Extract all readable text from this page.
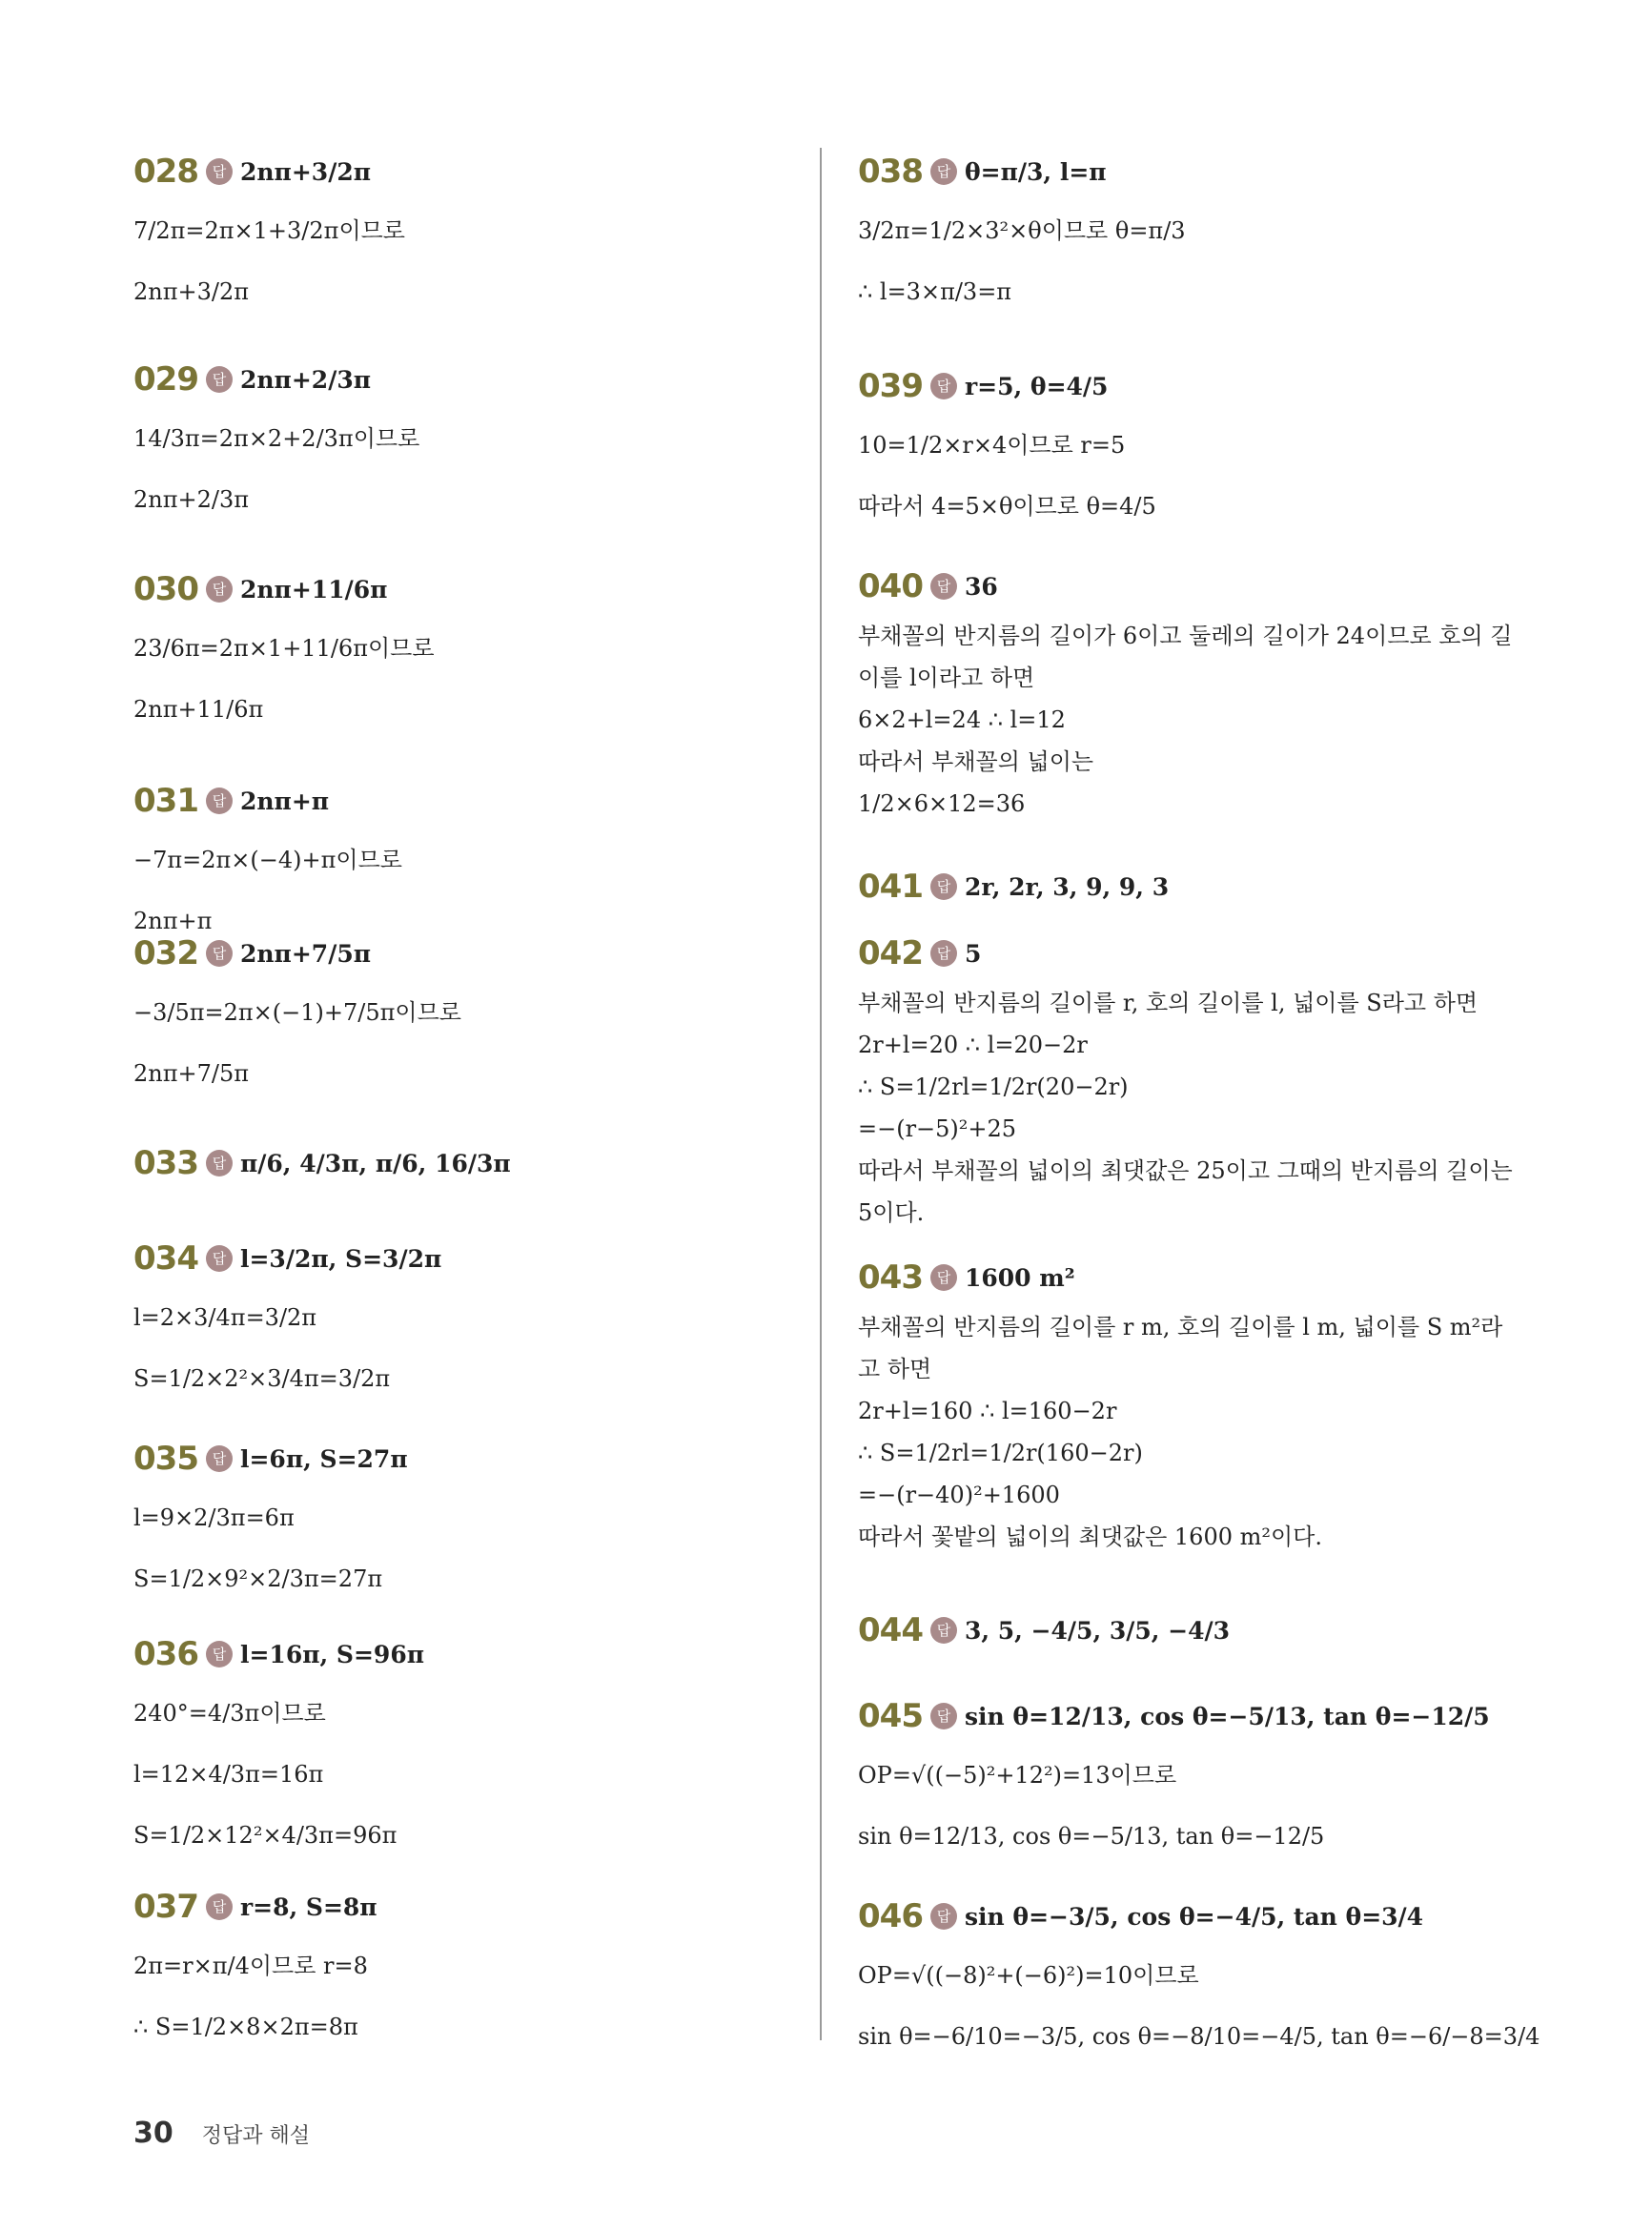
028 답 2nπ+3/2π
7/2π=2π×1+3/2π이므로
2nπ+3/2π
029 답 2nπ+2/3π
14/3π=2π×2+2/3π이므로
2nπ+2/3π
030 답 2nπ+11/6π
23/6π=2π×1+11/6π이므로
2nπ+11/6π
031 답 2nπ+π
−7π=2π×(−4)+π이므로
2nπ+π
032 답 2nπ+7/5π
−3/5π=2π×(−1)+7/5π이므로
2nπ+7/5π
033 답 π/6, 4/3π, π/6, 16/3π
034 답 l=3/2π, S=3/2π
l=2×3/4π=3/2π
S=1/2×2²×3/4π=3/2π
035 답 l=6π, S=27π
l=9×2/3π=6π
S=1/2×9²×2/3π=27π
036 답 l=16π, S=96π
240°=4/3π이므로
l=12×4/3π=16π
S=1/2×12²×4/3π=96π
037 답 r=8, S=8π
2π=r×π/4이므로 r=8
∴ S=1/2×8×2π=8π
038 답 θ=π/3, l=π
3/2π=1/2×3²×θ이므로 θ=π/3
∴ l=3×π/3=π
039 답 r=5, θ=4/5
10=1/2×r×4이므로 r=5
따라서 4=5×θ이므로 θ=4/5
040 답 36
부채꼴의 반지름의 길이가 6이고 둘레의 길이가 24이므로 호의 길
이를 l이라고 하면
6×2+l=24 ∴ l=12
따라서 부채꼴의 넓이는
1/2×6×12=36
041 답 2r, 2r, 3, 9, 9, 3
042 답 5
부채꼴의 반지름의 길이를 r, 호의 길이를 l, 넓이를 S라고 하면
2r+l=20 ∴ l=20−2r
∴ S=1/2rl=1/2r(20−2r)
=−(r−5)²+25
따라서 부채꼴의 넓이의 최댓값은 25이고 그때의 반지름의 길이는
5이다.
043 답 1600 m²
부채꼴의 반지름의 길이를 r m, 호의 길이를 l m, 넓이를 S m²라
고 하면
2r+l=160 ∴ l=160−2r
∴ S=1/2rl=1/2r(160−2r)
=−(r−40)²+1600
따라서 꽃밭의 넓이의 최댓값은 1600 m²이다.
044 답 3, 5, −4/5, 3/5, −4/3
045 답 sin θ=12/13, cos θ=−5/13, tan θ=−12/5
OP=√((−5)²+12²)=13이므로
sin θ=12/13, cos θ=−5/13, tan θ=−12/5
046 답 sin θ=−3/5, cos θ=−4/5, tan θ=3/4
OP=√((−8)²+(−6)²)=10이므로
sin θ=−6/10=−3/5, cos θ=−8/10=−4/5, tan θ=−6/−8=3/4
30 정답과 해설
